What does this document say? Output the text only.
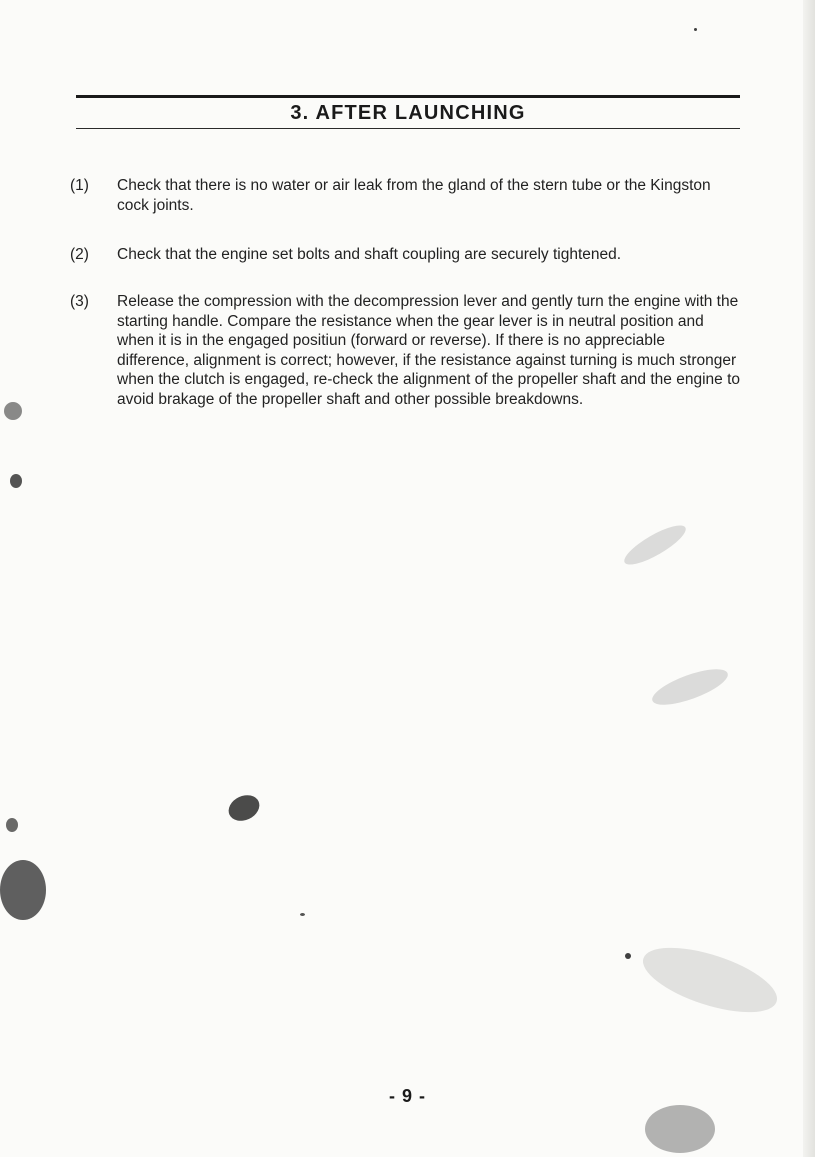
3. AFTER LAUNCHING
(1)	Check that there is no water or air leak from the gland of the stern tube or the Kingston cock joints.
(2)	Check that the engine set bolts and shaft coupling are securely tightened.
(3)	Release the compression with the decompression lever and gently turn the engine with the starting handle. Compare the resistance when the gear lever is in neutral position and when it is in the engaged positiun (forward or reverse). If there is no appreciable difference, alignment is correct; however, if the resistance against turning is much stronger when the clutch is engaged, re-check the alignment of the propeller shaft and the engine to avoid brakage of the propeller shaft and other possible breakdowns.
- 9 -
